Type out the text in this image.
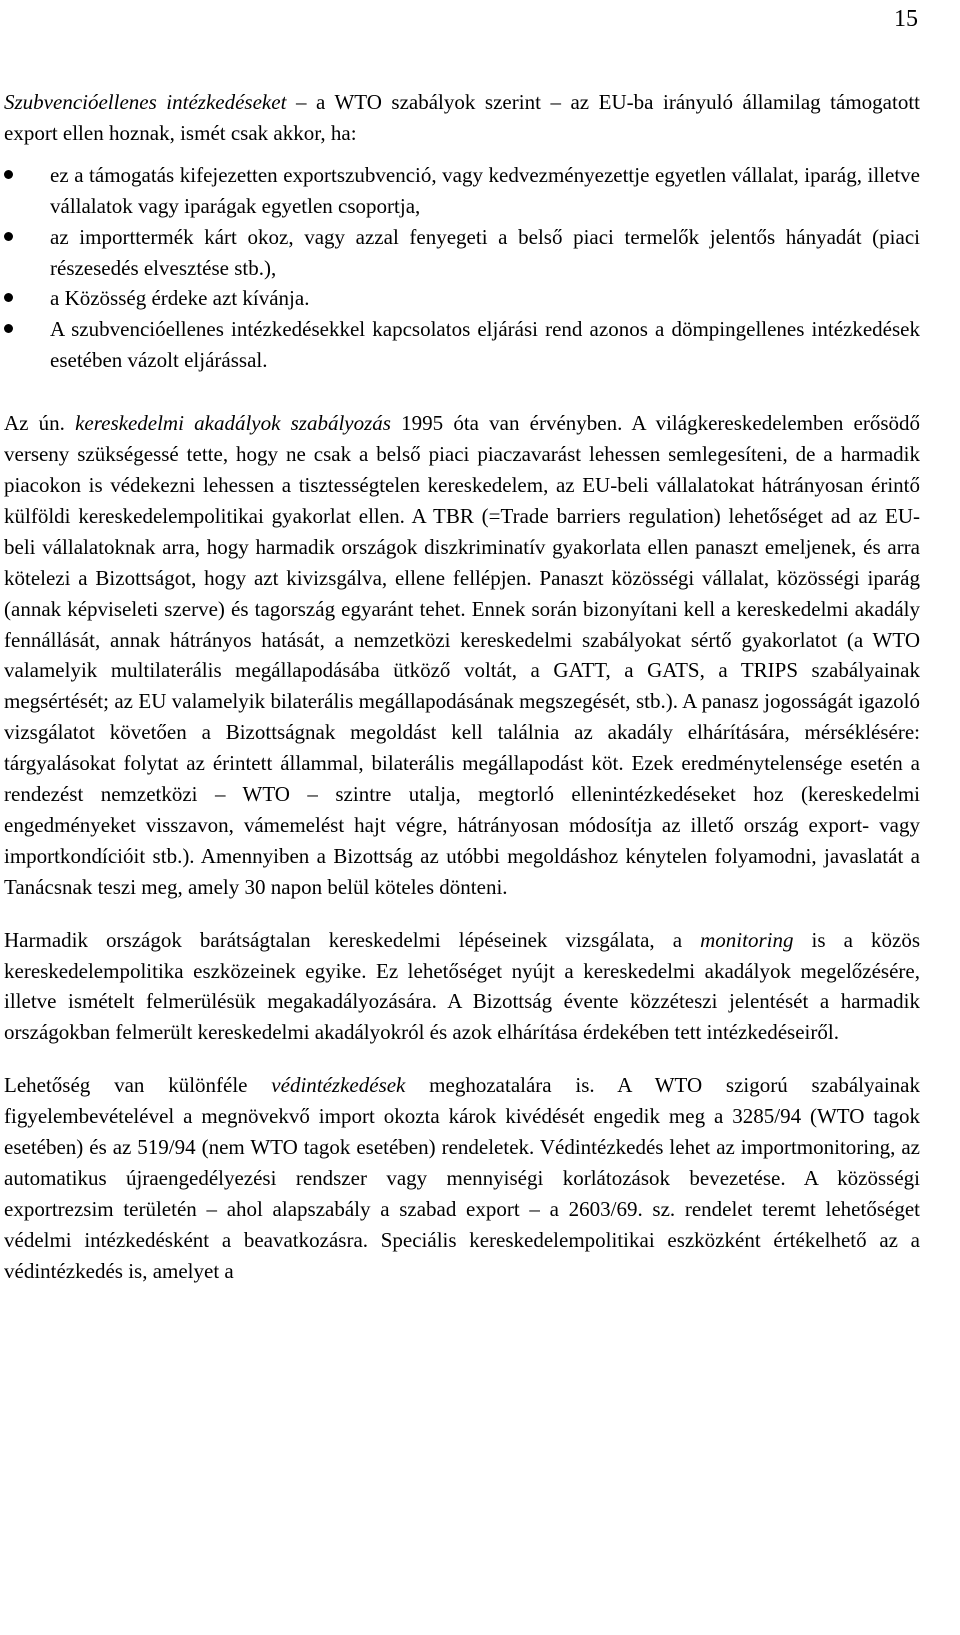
15

Szubvencióellenes intézkedéseket – a WTO szabályok szerint – az EU-ba irányuló államilag támogatott export ellen hoznak, ismét csak akkor, ha:

ez a támogatás kifejezetten exportszubvenció, vagy kedvezményezettje egyetlen vállalat, iparág, illetve vállalatok vagy iparágak egyetlen csoportja,
az importtermék kárt okoz, vagy azzal fenyegeti a belső piaci termelők jelentős hányadát (piaci részesedés elvesztése stb.),
a Közösség érdeke azt kívánja.
A szubvencióellenes intézkedésekkel kapcsolatos eljárási rend azonos a dömpingellenes intézkedések esetében vázolt eljárással.

Az ún. kereskedelmi akadályok szabályozás 1995 óta van érvényben. A világkereskedelemben erősödő verseny szükségessé tette, hogy ne csak a belső piaci piaczavarást lehessen semlegesíteni, de a harmadik piacokon is védekezni lehessen a tisztességtelen kereskedelem, az EU-beli vállalatokat hátrányosan érintő külföldi kereskedelempolitikai gyakorlat ellen. A TBR (=Trade barriers regulation) lehetőséget ad az EU-beli vállalatoknak arra, hogy harmadik országok diszkriminatív gyakorlata ellen panaszt emeljenek, és arra kötelezi a Bizottságot, hogy azt kivizsgálva, ellene fellépjen. Panaszt közösségi vállalat, közösségi iparág (annak képviseleti szerve) és tagország egyaránt tehet. Ennek során bizonyítani kell a kereskedelmi akadály fennállását, annak hátrányos hatását, a nemzetközi kereskedelmi szabályokat sértő gyakorlatot (a WTO valamelyik multilaterális megállapodásába ütköző voltát, a GATT, a GATS, a TRIPS szabályainak megsértését; az EU valamelyik bilaterális megállapodásának megszegését, stb.). A panasz jogosságát igazoló vizsgálatot követően a Bizottságnak megoldást kell találnia az akadály elhárítására, mérséklésére: tárgyalásokat folytat az érintett állammal, bilaterális megállapodást köt. Ezek eredménytelensége esetén a rendezést nemzetközi – WTO – szintre utalja, megtorló ellenintézkedéseket hoz (kereskedelmi engedményeket visszavon, vámemelést hajt végre, hátrányosan módosítja az illető ország export- vagy importkondícióit stb.). Amennyiben a Bizottság az utóbbi megoldáshoz kénytelen folyamodni, javaslatát a Tanácsnak teszi meg, amely 30 napon belül köteles dönteni.

Harmadik országok barátságtalan kereskedelmi lépéseinek vizsgálata, a monitoring is a közös kereskedelempolitika eszközeinek egyike. Ez lehetőséget nyújt a kereskedelmi akadályok megelőzésére, illetve ismételt felmerülésük megakadályozására. A Bizottság évente közzéteszi jelentését a harmadik országokban felmerült kereskedelmi akadályokról és azok elhárítása érdekében tett intézkedéseiről.

Lehetőség van különféle védintézkedések meghozatalára is. A WTO szigorú szabályainak figyelembevételével a megnövekvő import okozta károk kivédését engedik meg a 3285/94 (WTO tagok esetében) és az 519/94 (nem WTO tagok esetében) rendeletek. Védintézkedés lehet az importmonitoring, az automatikus újraengedélyezési rendszer vagy mennyiségi korlátozások bevezetése. A közösségi exportrezsim területén – ahol alapszabály a szabad export – a 2603/69. sz. rendelet teremt lehetőséget védelmi intézkedésként a beavatkozásra. Speciális kereskedelempolitikai eszközként értékelhető az a védintézkedés is, amelyet a
